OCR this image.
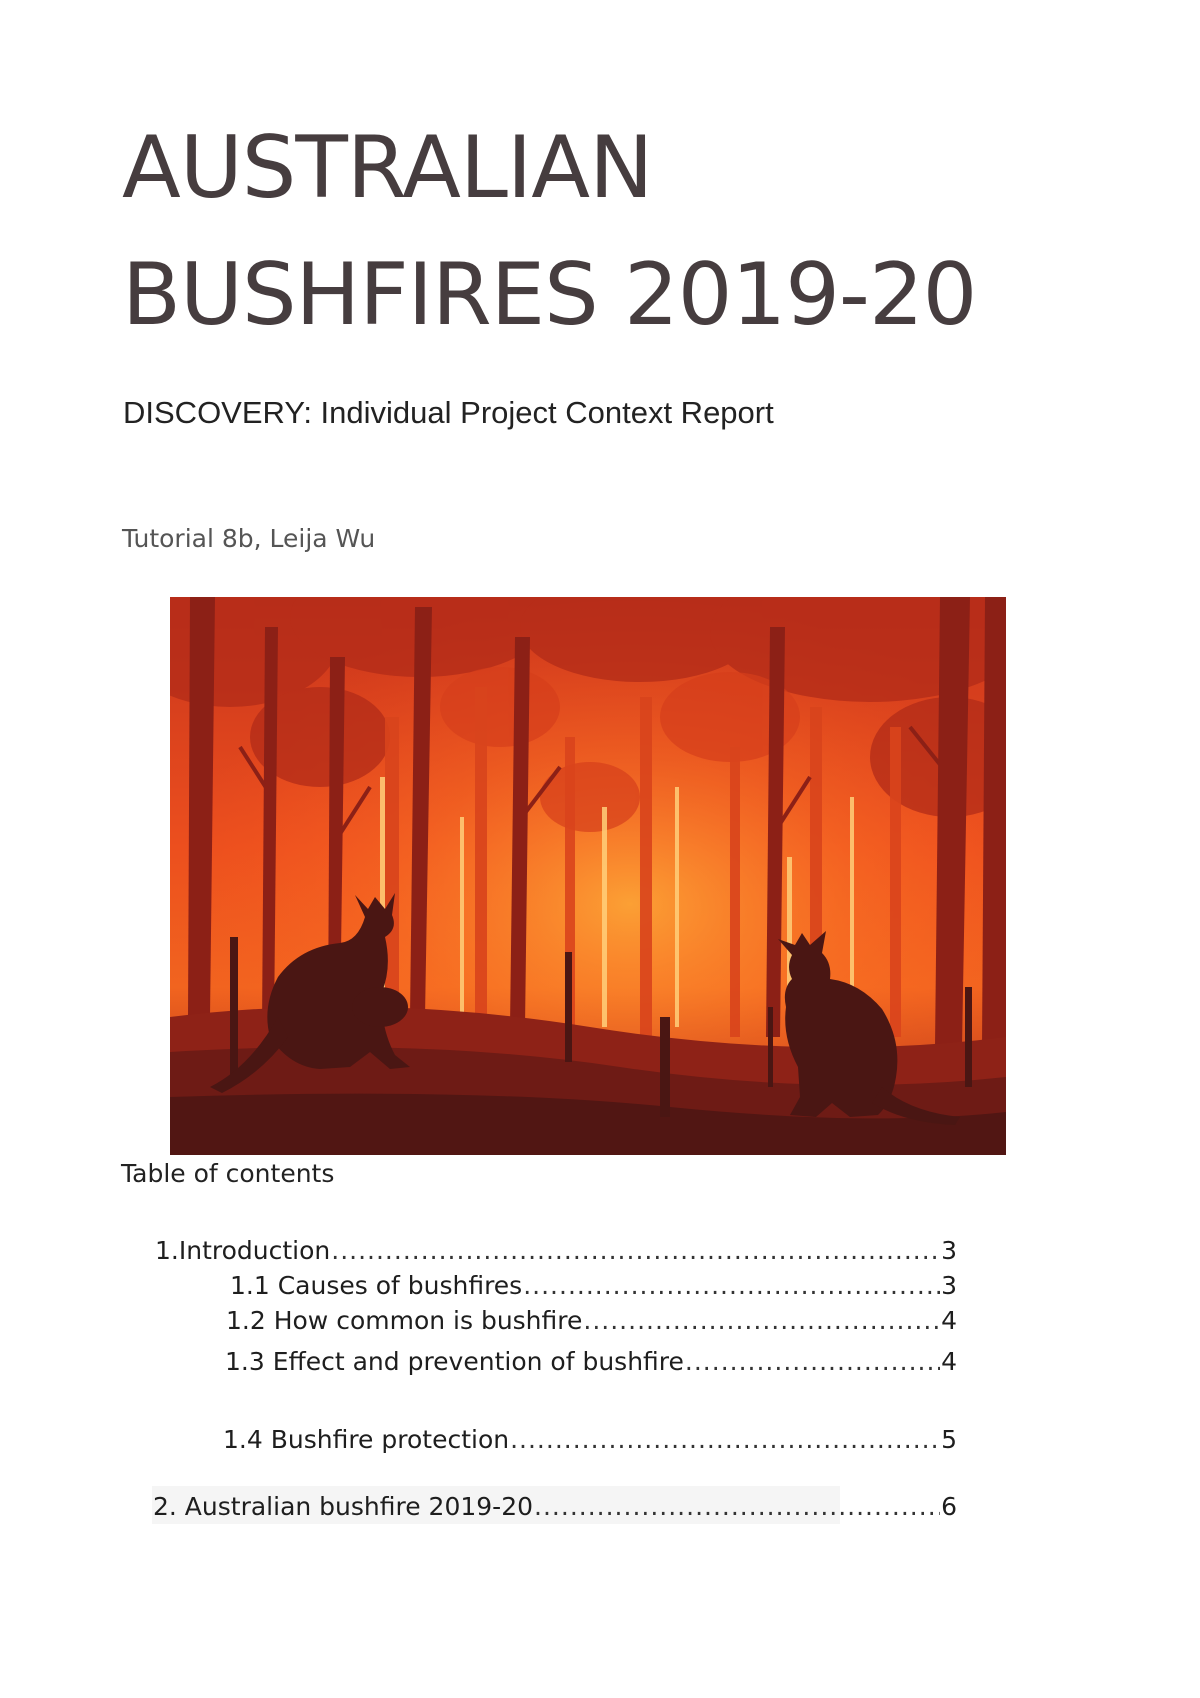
AUSTRALIAN
BUSHFIRES 2019-20
DISCOVERY: Individual Project Context Report
Tutorial 8b, Leija Wu
Table of contents
1.Introduction .....	3
1.1 Causes of bushfires .....	3
1.2 How common is bushfire .....	4
1.3 Effect and prevention of bushfire .....	4
1.4 Bushfire protection .....	5
2. Australian bushfire 2019-20 .....	6
